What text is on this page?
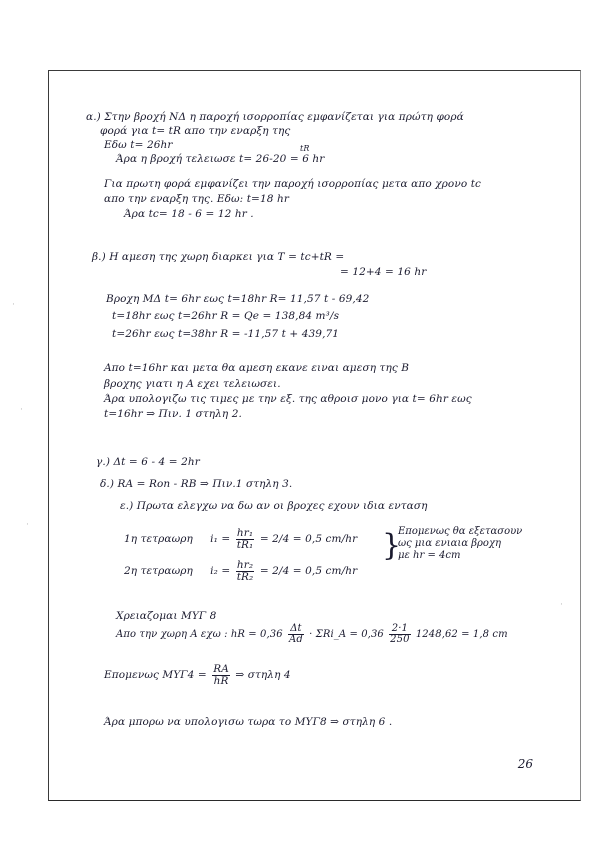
·
·
·
·
α.) Στην βροχή ΝΔ η παροχή ισορροπίας εμφανίζεται για πρώτη φορά
φορά για t= tR απο την εναρξη της
Εδω t= 26hr	tR
Άρα η βροχή τελειωσε t= 26-20 = 6 hr
Για πρωτη φορά εμφανίζει την παροχή ισορροπίας μετα απο χρονο tc
απο την εναρξη της. Εδω: t=18 hr
Άρα tc= 18 - 6 = 12 hr .
β.) Η αμεση της χωρη διαρκει για T = tc+tR =
= 12+4 = 16 hr
Βροχη ΜΔ t= 6hr εως t=18hr R= 11,57 t - 69,42
t=18hr εως t=26hr R = Qe = 138,84 m³/s
t=26hr εως t=38hr R = -11,57 t + 439,71
Απο t=16hr και μετα θα αμεση εκανε ειναι αμεση της Β
βροχης γιατι η Α εχει τελειωσει.
Άρα υπολογιζω τις τιμες με την εξ. της αθροισ μονο για t= 6hr εως
t=16hr ⇒ Πιν. 1 στηλη 2.
γ.) Δt = 6 - 4 = 2hr
δ.) RA = Ron - RB ⇒ Πιν.1 στηλη 3.
ε.) Πρωτα ελεγχω να δω αν οι βροχες εχουν ιδια ενταση
1η τετραωρη $i_1 = \frac{\text{hr₁}}{\text{tR₁}} = 2/4 = 0,5$ cm/hr
2η τετραωρη $i_2 = \frac{\text{hr₂}}{\text{tR₂}} = 2/4 = 0,5$ cm/hr
}
Επομενως θα εξετασουν
ως μια ενιαια βροχη
με hr = 4cm
Χρειαζομαι ΜΥΓ 8
Απο την χωρη Α εχω : hR = $0,36 \frac{\Delta t}{Ad}$ · ΣRi_A = $0,36 \frac{2\cdot 1}{250} 1248,62 = 1,8$ cm
Επομενως $M\Upsilon\Gamma 4 = \frac{RA}{hR}$ ⇒ στηλη 4
Άρα μπορω να υπολογισω τωρα το ΜΥΓ8 ⇒ στηλη 6 .
26
